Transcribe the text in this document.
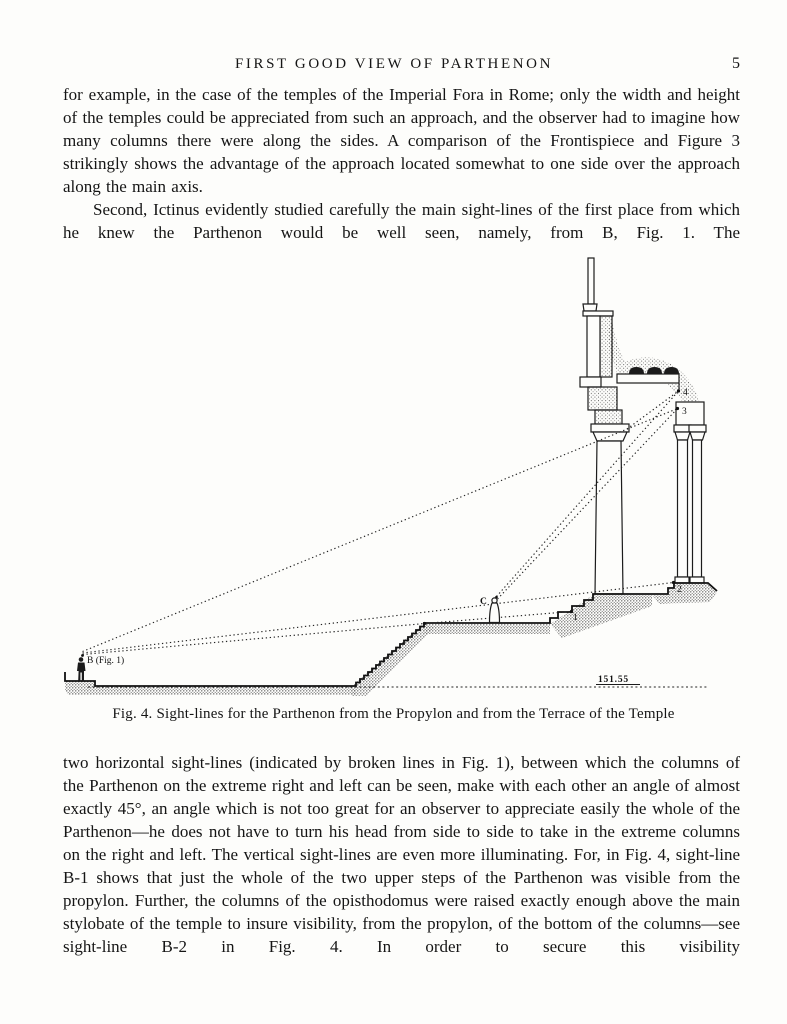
FIRST GOOD VIEW OF PARTHENON	5

for example, in the case of the temples of the Imperial Fora in Rome; only the width and height of the temples could be appreciated from such an approach, and the observer had to imagine how many columns there were along the sides. A comparison of the Frontispiece and Figure 3 strikingly shows the advantage of the approach located somewhat to one side over the approach along the main axis.

Second, Ictinus evidently studied carefully the main sight-lines of the first place from which he knew the Parthenon would be well seen, namely, from B, Fig. 1. The

B (Fig. 1)
C
1
2
3
4
151.55
Fig. 4. Sight-lines for the Parthenon from the Propylon and from the Terrace of the Temple

two horizontal sight-lines (indicated by broken lines in Fig. 1), between which the columns of the Parthenon on the extreme right and left can be seen, make with each other an angle of almost exactly 45°, an angle which is not too great for an observer to appreciate easily the whole of the Parthenon—he does not have to turn his head from side to side to take in the extreme columns on the right and left. The vertical sight-lines are even more illuminating. For, in Fig. 4, sight-line B-1 shows that just the whole of the two upper steps of the Parthenon was visible from the propylon. Further, the columns of the opisthodomus were raised exactly enough above the main stylobate of the temple to insure visibility, from the propylon, of the bottom of the columns—see sight-line B-2 in Fig. 4. In order to secure this visibility
